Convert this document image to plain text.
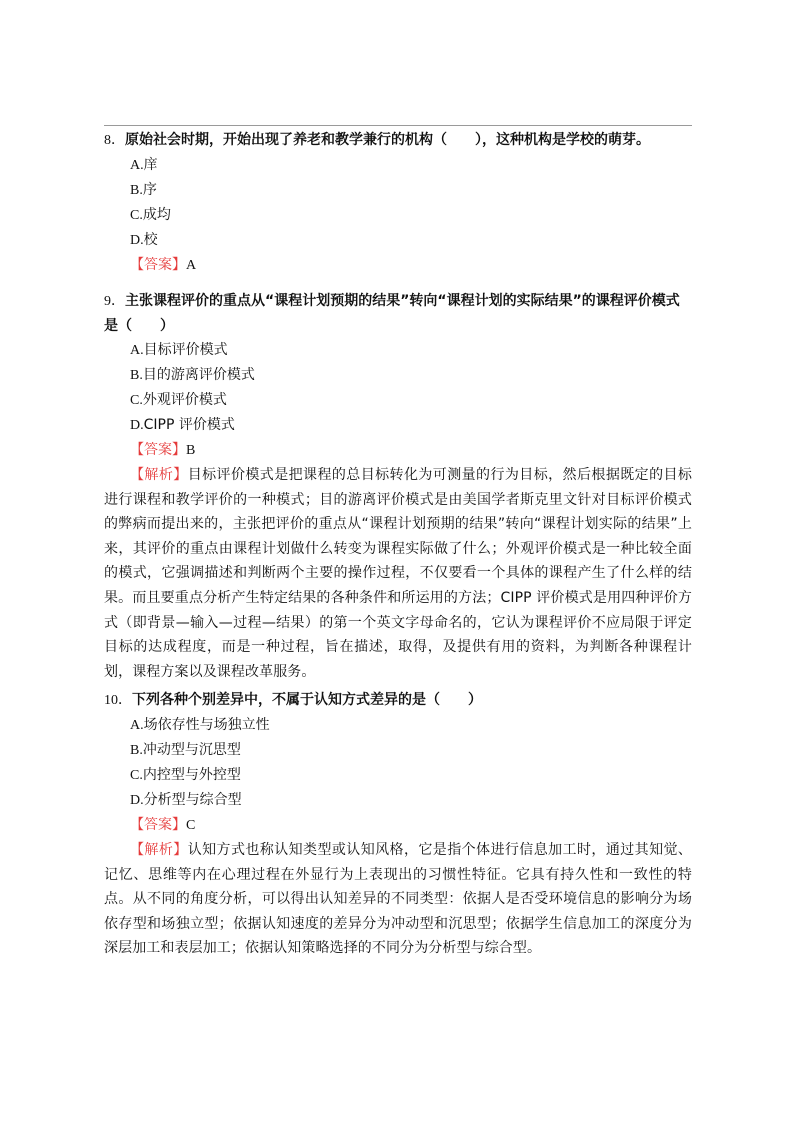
8．原始社会时期，开始出现了养老和教学兼行的机构（　　），这种机构是学校的萌芽。

A.庠
B.序
C.成均
D.校
【答案】A

9．主张课程评价的重点从“课程计划预期的结果”转向“课程计划的实际结果”的课程评价模式是（　　）

A.目标评价模式
B.目的游离评价模式
C.外观评价模式
D.CIPP 评价模式
【答案】B

【解析】目标评价模式是把课程的总目标转化为可测量的行为目标，然后根据既定的目标进行课程和教学评价的一种模式；目的游离评价模式是由美国学者斯克里文针对目标评价模式的弊病而提出来的，主张把评价的重点从“课程计划预期的结果”转向“课程计划实际的结果”上来，其评价的重点由课程计划做什么转变为课程实际做了什么；外观评价模式是一种比较全面的模式，它强调描述和判断两个主要的操作过程，不仅要看一个具体的课程产生了什么样的结果。而且要重点分析产生特定结果的各种条件和所运用的方法；CIPP 评价模式是用四种评价方式（即背景—输入—过程—结果）的第一个英文字母命名的，它认为课程评价不应局限于评定目标的达成程度，而是一种过程，旨在描述，取得，及提供有用的资料，为判断各种课程计划，课程方案以及课程改革服务。

10．下列各种个别差异中，不属于认知方式差异的是（　　）

A.场依存性与场独立性
B.冲动型与沉思型
C.内控型与外控型
D.分析型与综合型
【答案】C

【解析】认知方式也称认知类型或认知风格，它是指个体进行信息加工时，通过其知觉、记忆、思维等内在心理过程在外显行为上表现出的习惯性特征。它具有持久性和一致性的特点。从不同的角度分析，可以得出认知差异的不同类型：依据人是否受环境信息的影响分为场依存型和场独立型；依据认知速度的差异分为冲动型和沉思型；依据学生信息加工的深度分为深层加工和表层加工；依据认知策略选择的不同分为分析型与综合型。
